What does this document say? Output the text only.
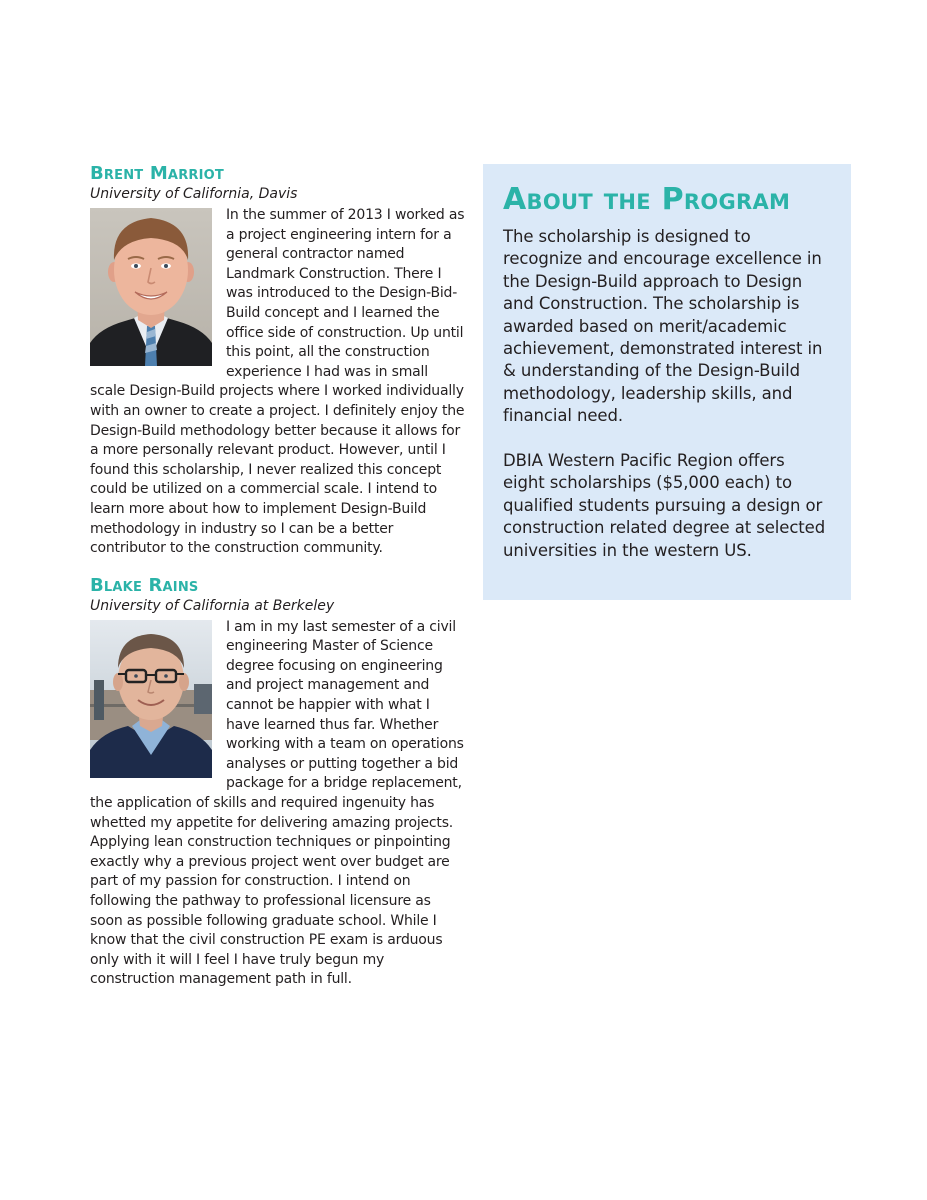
Brent Marriot

University of California, Davis

In the summer of 2013 I worked as a project engineering intern for a general contractor named Landmark Construction. There I was introduced to the Design-Bid-Build concept and I learned the office side of construction. Up until this point, all the construction experience I had was in small scale Design-Build projects where I worked individually with an owner to create a project. I definitely enjoy the Design-Build methodology better because it allows for a more personally relevant product. However, until I found this scholarship, I never realized this concept could be utilized on a commercial scale. I intend to learn more about how to implement Design-Build methodology in industry so I can be a better contributor to the construction community.

Blake Rains

University of California at Berkeley

I am in my last semester of a civil engineering Master of Science degree focusing on engineering and project management and cannot be happier with what I have learned thus far. Whether working with a team on operations analyses or putting together a bid package for a bridge replacement, the application of skills and required ingenuity has whetted my appetite for delivering amazing projects. Applying lean construction techniques or pinpointing exactly why a previous project went over budget are part of my passion for construction. I intend on following the pathway to professional licensure as soon as possible following graduate school. While I know that the civil construction PE exam is arduous only with it will I feel I have truly begun my construction management path in full.
About the Program

The scholarship is designed to recognize and encourage excellence in the Design-Build approach to Design and Construction. The scholarship is awarded based on merit/academic achievement, demonstrated interest in & understanding of the Design-Build methodology, leadership skills, and financial need.

DBIA Western Pacific Region offers eight scholarships ($5,000 each) to qualified students pursuing a design or construction related degree at selected universities in the western US.
